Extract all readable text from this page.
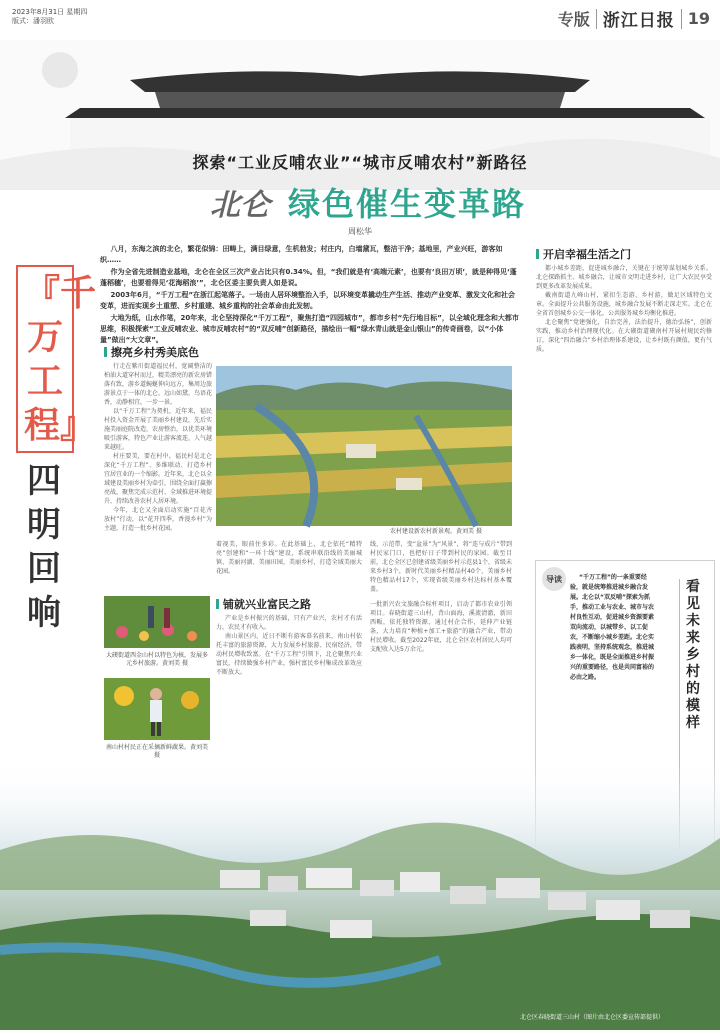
2023年8月31日 星期四
版式：潘羽欧	专版 浙江日报 19
『千万工程』
四明回响
探索“工业反哺农业”“城市反哺农村”新路径
北仑 绿色催生变革路
周松华

八月，东海之滨的北仑，繁花似锦：田畴上，满目绿意，生机勃发；村庄内，白墙黛瓦，整洁干净；基地里，产业兴旺，游客如织……

作为全省先进制造业基地，北仑在全区三次产业占比只有0.34%。但，“我们就是有‘高端元素’，也要有‘良田万顷’，就是种得见‘蓬蓬稻穗’，也要看得见‘花海稻浪’”，北仑区委主要负责人如是说。

2003年6月，“千万工程”在浙江起笔落子。一场由人居环境整治入手，以环境变革撬动生产生活、推动产业变革、激发文化和社会变革，进而实现乡土重塑、乡村重建、城乡重构的社会革命由此发轫。

大地为纸，山水作笔，20年来，北仑坚持深化“千万工程”，聚焦打造“四园城市”，都市乡村“先行地目标”，以全域化理念和大都市思维，积极探索“工业反哺农业、城市反哺农村”的“双反哺”创新路径，描绘出一幅“绿水青山就是金山银山”的传奇画卷，以“小体量”做出“大文章”。

擦亮乡村秀美底色

行走在紫川街道福民村，宽阔整洁的柏油大道穿村而过，精美漂亮的新农房错落有致，游乡道蜿蜒伸向远方，集周边旅游景点于一体的北仑，远山如黛，鸟语花香，动静相宜，一步一景。

以“千万工程”为契机，近年来，福民村投入资金开展了美丽乡村建设，先后实施美丽庭院改造，农房整治，以优美环境吸引游客，特色产业让游客流连，人气越来越旺。

村庄要美，要在村中。福民村是北仑深化“千万工程”、多维联动、打造乡村宜居宜业的一个缩影。近年来，北仑以全域建设美丽乡村为牵引，围绕全面打赢擦亮战，聚焦完成示范村、全域推进环境提升，持续改善农村人居环境。

今年，北仑又全面启动实施“百花齐放村”行动，以“花开四季，香漫乡村”为主题，打造一批乡村花园。	农村建设新农村新景观。黄刘美 摄

着视美，眼前住多彩。在此基础上，北仑依托“精特亮”创建和“一环十线”建设，系统串联沿线的美丽城镇、美丽河湖、美丽田园，美丽乡村，打造全域美丽大花园。

线，示范带，变“盆景”为“风景”，将“连与成片”带到村民家门口，也把好日子带到村民的家园。截至目前，北仑全区已创建省级美丽乡村示范县1个，省级未来乡村3个，新时代美丽乡村精品村40个，美丽乡村特色精品村17个，实现省级美丽乡村达标村基本覆盖。

铺就兴业富民之路

产业是乡村振兴的基础，只有产业兴，农村才有活力，农民才有收入。

南山景区内，近日不断有游客慕名前来，南山村依托丰富的旅游资源，大力发展乡村旅游、民宿经济，带动村民增收致富。在“千万工程”引领下，北仑聚焦兴业富民，持续做强乡村产业，强村富民乡村集成改革效应不断放大。

一批新兴农文旅融合标杆项目，启动了都市农业引领项目。春晓街道三山村，背山面海，溪流清澈，新田西畈，依托独特资源，通过村企合作，延伸产业链条，大力培育“种植+加工+旅游”的融合产业，带动村民增收。截至2022年底，北仑全区农村居民人均可支配收入达5万余元。

大碶街道西金山村以特色为核，发展多元乡村旅游。黄刘美 摄
南山村村民正在采摘新鲜蔬果。黄刘美 摄
开启幸福生活之门

都小城乡差距，促进城乡融合，关键在于统筹谋划城乡关系。北仑探路抓主、城乡融合，让城市文明走进乡村，让广大农民享受到更多改革发展成果。

戴南街道九峰山村，紧扣生态游、乡村游，做足区域特色文章。全面提升公共服务设施，城乡融合发展不断走深走实。北仑在全省首创城乡公交一体化，公共服务城乡均衡化推进。

北仑聚焦“党建强化，自治完善，法治提升，德治弘扬”，创新实践，推动乡村治理现代化。在大碶街道碶南村开展村规民约修订，深化“四治融合”乡村治理体系建设，让乡村既有颜值，更有气质。

导读	“千万工程”的一条重要经验，就是统筹推进城乡融合发展。北仑以“双反哺”探索为抓手，推动工业与农业、城市与农村良性互动，促进城乡资源要素双向流动，以城带乡、以工促农，不断缩小城乡差距。北仑实践表明，坚持系统观念，推进城乡一体化，既是全面推进乡村振兴的重要路径，也是共同富裕的必由之路。
看见未来乡村的模样
北仑区春晓街道三山村（图片由北仑区委宣传部提供）
